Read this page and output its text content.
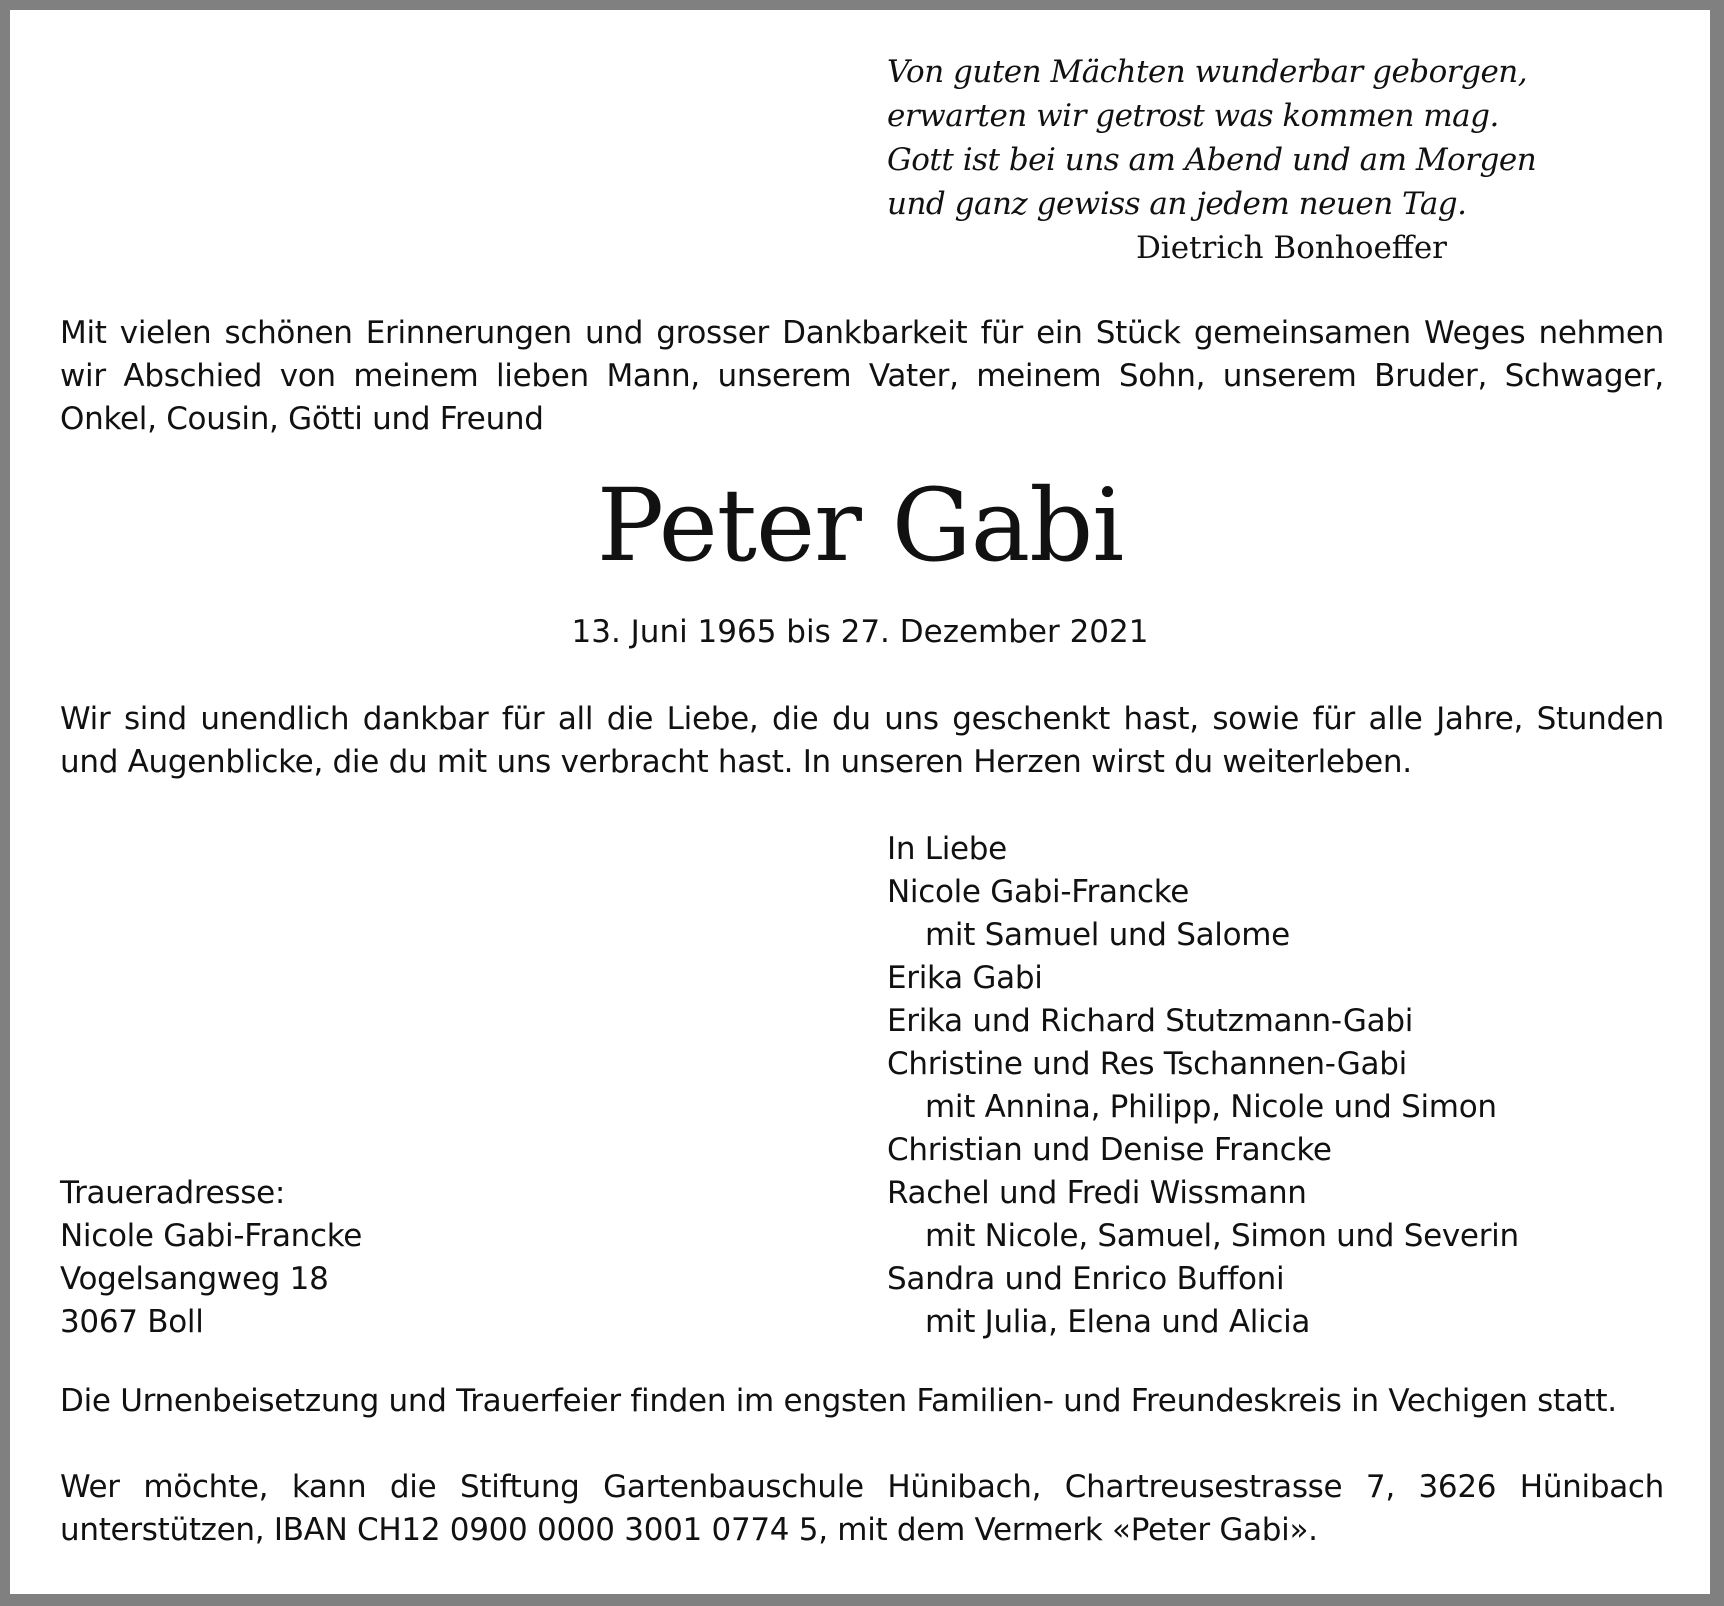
Von guten Mächten wunderbar geborgen,
erwarten wir getrost was kommen mag.
Gott ist bei uns am Abend und am Morgen
und ganz gewiss an jedem neuen Tag.
Dietrich Bonhoeffer
Mit vielen schönen Erinnerungen und grosser Dankbarkeit für ein Stück gemeinsamen Weges nehmen wir Abschied von meinem lieben Mann, unserem Vater, meinem Sohn, unserem Bruder, Schwager, Onkel, Cousin, Götti und Freund
Peter Gabi
13. Juni 1965 bis 27. Dezember 2021
Wir sind unendlich dankbar für all die Liebe, die du uns geschenkt hast, sowie für alle Jahre, Stunden und Augenblicke, die du mit uns verbracht hast. In unseren Herzen wirst du weiterleben.
In Liebe
Nicole Gabi-Francke
mit Samuel und Salome
Erika Gabi
Erika und Richard Stutzmann-Gabi
Christine und Res Tschannen-Gabi
mit Annina, Philipp, Nicole und Simon
Christian und Denise Francke
Rachel und Fredi Wissmann
mit Nicole, Samuel, Simon und Severin
Sandra und Enrico Buffoni
mit Julia, Elena und Alicia
Traueradresse:
Nicole Gabi-Francke
Vogelsangweg 18
3067 Boll
Die Urnenbeisetzung und Trauerfeier finden im engsten Familien- und Freundeskreis in Vechigen statt.
Wer möchte, kann die Stiftung Gartenbauschule Hünibach, Chartreusestrasse 7, 3626 Hünibach unterstützen, IBAN CH12 0900 0000 3001 0774 5, mit dem Vermerk «Peter Gabi».
